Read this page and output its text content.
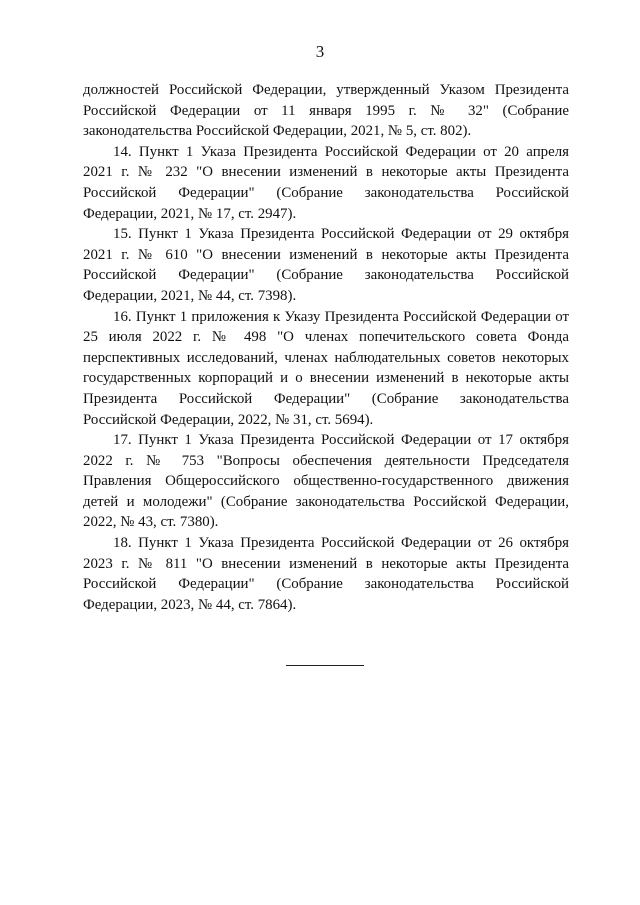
3

должностей Российской Федерации, утвержденный Указом Президента Российской Федерации от 11 января 1995 г. № 32" (Собрание законодательства Российской Федерации, 2021, № 5, ст. 802).

14. Пункт 1 Указа Президента Российской Федерации от 20 апреля 2021 г. № 232 "О внесении изменений в некоторые акты Президента Российской Федерации" (Собрание законодательства Российской Федерации, 2021, № 17, ст. 2947).

15. Пункт 1 Указа Президента Российской Федерации от 29 октября 2021 г. № 610 "О внесении изменений в некоторые акты Президента Российской Федерации" (Собрание законодательства Российской Федерации, 2021, № 44, ст. 7398).

16. Пункт 1 приложения к Указу Президента Российской Федерации от 25 июля 2022 г. № 498 "О членах попечительского совета Фонда перспективных исследований, членах наблюдательных советов некоторых государственных корпораций и о внесении изменений в некоторые акты Президента Российской Федерации" (Собрание законодательства Российской Федерации, 2022, № 31, ст. 5694).

17. Пункт 1 Указа Президента Российской Федерации от 17 октября 2022 г. № 753 "Вопросы обеспечения деятельности Председателя Правления Общероссийского общественно-государственного движения детей и молодежи" (Собрание законодательства Российской Федерации, 2022, № 43, ст. 7380).

18. Пункт 1 Указа Президента Российской Федерации от 26 октября 2023 г. № 811 "О внесении изменений в некоторые акты Президента Российской Федерации" (Собрание законодательства Российской Федерации, 2023, № 44, ст. 7864).
